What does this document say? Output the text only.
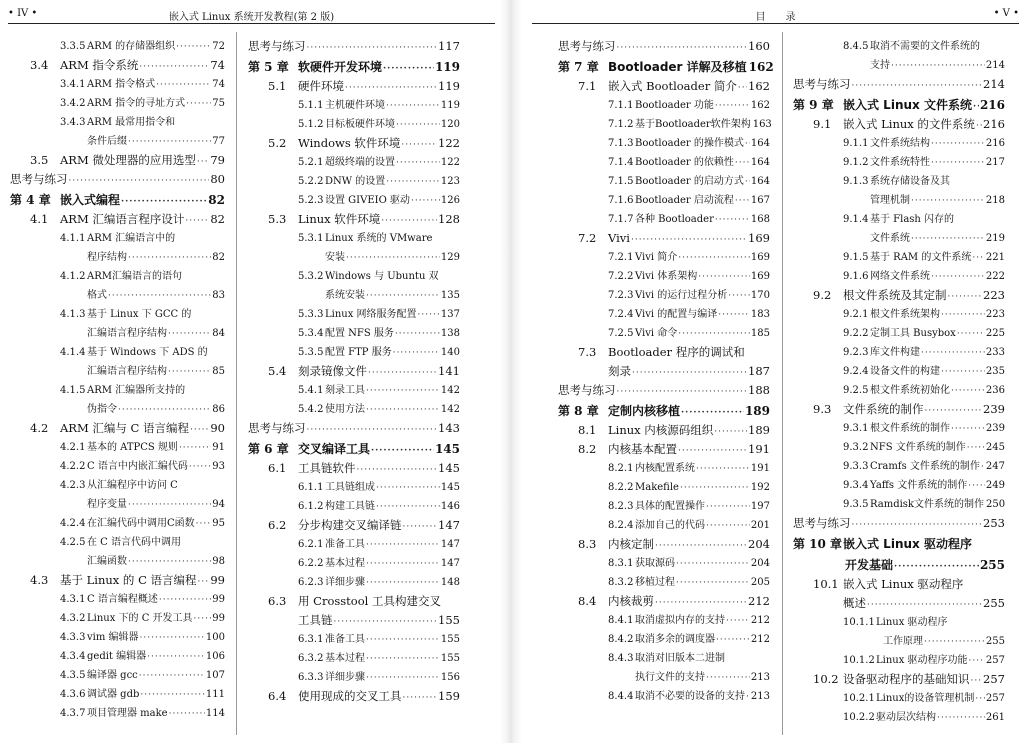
• IV •	嵌入式 Linux 系统开发教程(第 2 版)
3.3.5 ARM 的存储器组织 ·····	72
3.4	ARM 指令系统 ·····	74
3.4.1 ARM 指令格式 ·····	74
3.4.2 ARM 指令的寻址方式 ·····	75
3.4.3 ARM 最常用指令和
条件后缀 ·····	77
3.5	ARM 微处理器的应用选型 ····· 79
思考与练习 ·····	80
第 4 章 嵌入式编程 ·····	82
4.1	ARM 汇编语言程序设计 ····· 82
4.1.1 ARM 汇编语言中的
程序结构 ·····	82
4.1.2 ARM汇编语言的语句
格式 ·····	83
4.1.3 基于 Linux 下 GCC 的
汇编语言程序结构 ·····	84
4.1.4 基于 Windows 下 ADS 的
汇编语言程序结构 ·····	85
4.1.5 ARM 汇编器所支持的
伪指令 ·····	86
4.2	ARM 汇编与 C 语言编程 ····· 90
4.2.1 基本的 ATPCS 规则 ·····	91
4.2.2 C 语言中内嵌汇编代码 ····· 93
4.2.3 从汇编程序中访问 C
程序变量 ·····	94
4.2.4 在汇编代码中调用C函数 ····· 95
4.2.5 在 C 语言代码中调用
汇编函数 ·····	98
4.3	基于 Linux 的 C 语言编程 ····· 99
4.3.1 C 语言编程概述 ·····	99
4.3.2 Linux 下的 C 开发工具 ····· 99
4.3.3 vim 编辑器 ·····	100
4.3.4 gedit 编辑器 ·····	106
4.3.5 编译器 gcc ·····	107
4.3.6 调试器 gdb ·····	111
4.3.7 项目管理器 make ·····	114
思考与练习 ·····	117
第 5 章 软硬件开发环境 ·····	119
5.1	硬件环境 ·····	119
5.1.1 主机硬件环境 ·····	119
5.1.2 目标板硬件环境 ·····	120
5.2	Windows 软件环境 ·····	122
5.2.1 超级终端的设置 ·····	122
5.2.2 DNW 的设置 ·····	123
5.2.3 设置 GIVEIO 驱动 ·····	126
5.3	Linux 软件环境 ·····	128
5.3.1 Linux 系统的 VMware
安装 ·····	129
5.3.2 Windows 与 Ubuntu 双
系统安装 ·····	135
5.3.3 Linux 网络服务配置 ····· 137
5.3.4 配置 NFS 服务 ·····	138
5.3.5 配置 FTP 服务 ·····	140
5.4	刻录镜像文件 ·····	141
5.4.1 刻录工具 ·····	142
5.4.2 使用方法 ·····	142
思考与练习 ·····	143
第 6 章 交叉编译工具 ·····	145
6.1	工具链软件 ·····	145
6.1.1 工具链组成 ·····	145
6.1.2 构建工具链 ·····	146
6.2	分步构建交叉编译链 ·····	147
6.2.1 准备工具 ·····	147
6.2.2 基本过程 ·····	147
6.2.3 详细步骤 ·····	148
6.3	用 Crosstool 工具构建交叉
工具链 ·····	155
6.3.1 准备工具 ·····	155
6.3.2 基本过程 ·····	155
6.3.3 详细步骤 ·····	156
6.4	使用现成的交叉工具 ·····	159
目　　录	• V •
思考与练习 ·····	160
第 7 章 Bootloader 详解及移植 162
7.1	嵌入式 Bootloader 简介 ····· 162
7.1.1 Bootloader 功能 ·····	162
7.1.2 基于Bootloader软件架构 163
7.1.3 Bootloader 的操作模式 ····· 164
7.1.4 Bootloader 的依赖性 ····· 164
7.1.5 Bootloader 的启动方式 ····· 164
7.1.6 Bootloader 启动流程 ····· 167
7.1.7 各种 Bootloader ·····	168
7.2	Vivi ·····	169
7.2.1 Vivi 简介 ·····	169
7.2.2 Vivi 体系架构 ·····	169
7.2.3 Vivi 的运行过程分析 ····· 170
7.2.4 Vivi 的配置与编译 ·····	183
7.2.5 Vivi 命令 ·····	185
7.3	Bootloader 程序的调试和
刻录 ·····	187
思考与练习 ·····	188
第 8 章 定制内核移植 ·····	189
8.1	Linux 内核源码组织 ·····	189
8.2	内核基本配置 ·····	191
8.2.1 内核配置系统 ·····	191
8.2.2 Makefile ·····	192
8.2.3 具体的配置操作 ·····	197
8.2.4 添加自己的代码 ·····	201
8.3	内核定制 ·····	204
8.3.1 获取源码 ·····	204
8.3.2 移植过程 ·····	205
8.4	内核裁剪 ·····	212
8.4.1 取消虚拟内存的支持 ·····	212
8.4.2 取消多余的调度器 ·····	212
8.4.3 取消对旧版本二进制
执行文件的支持 ·····	213
8.4.4 取消不必要的设备的支持 ····· 213
8.4.5 取消不需要的文件系统的
支持 ·····	214
思考与练习 ·····	214
第 9 章 嵌入式 Linux 文件系统 ····· 216
9.1	嵌入式 Linux 的文件系统 ····· 216
9.1.1 文件系统结构 ·····	216
9.1.2 文件系统特性 ·····	217
9.1.3 系统存储设备及其
管理机制 ·····	218
9.1.4 基于 Flash 闪存的
文件系统 ·····	219
9.1.5 基于 RAM 的文件系统 ····· 221
9.1.6 网络文件系统 ·····	222
9.2	根文件系统及其定制 ·····	223
9.2.1 根文件系统架构 ·····	223
9.2.2 定制工具 Busybox ·····	225
9.2.3 库文件构建 ·····	233
9.2.4 设备文件的构建 ·····	235
9.2.5 根文件系统初始化 ·····	236
9.3	文件系统的制作 ·····	239
9.3.1 根文件系统的制作 ·····	239
9.3.2 NFS 文件系统的制作 ····· 245
9.3.3 Cramfs 文件系统的制作 ····· 247
9.3.4 Yaffs 文件系统的制作 ····· 249
9.3.5 Ramdisk文件系统的制作 250
思考与练习 ·····	253
第 10 章 嵌入式 Linux 驱动程序
开发基础 ·····	255
10.1 嵌入式 Linux 驱动程序
概述 ·····	255
10.1.1 Linux 驱动程序
工作原理 ·····	255
10.1.2 Linux 驱动程序功能 ····· 257
10.2 设备驱动程序的基础知识 ····· 257
10.2.1 Linux的设备管理机制 ····· 257
10.2.2 驱动层次结构 ·····	261
